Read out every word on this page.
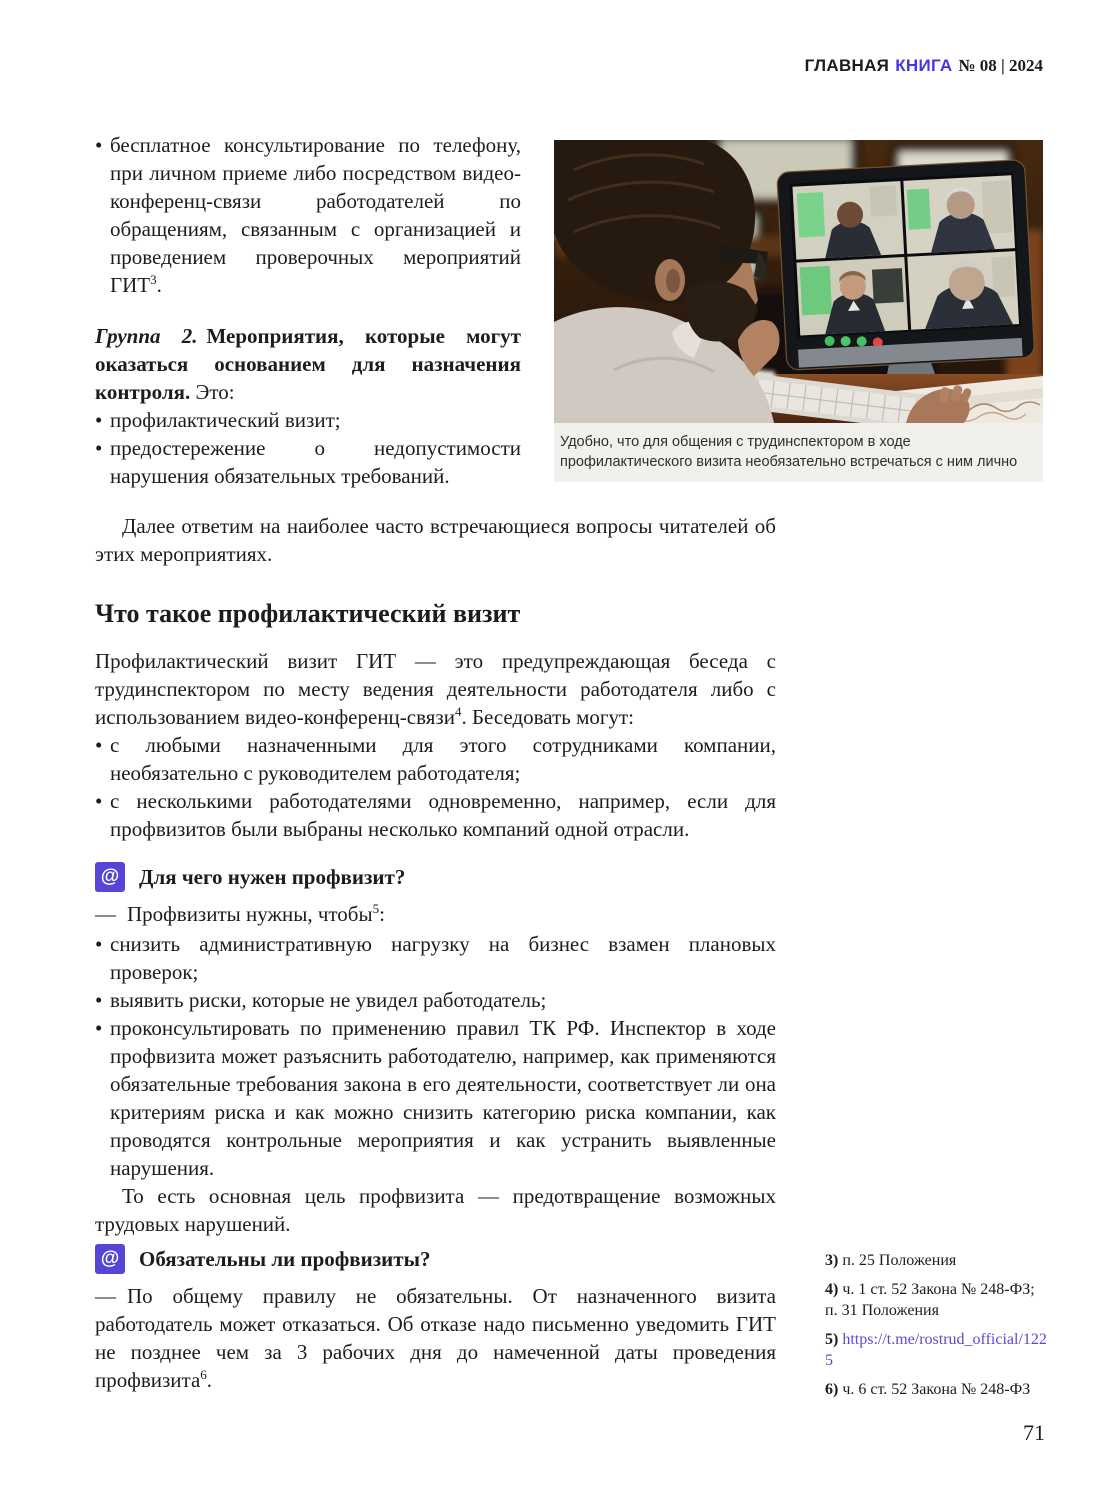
ГЛАВНАЯ КНИГА № 08 | 2024
• бесплатное консультирование по телефону, при личном приеме либо посредством видео-конференц-связи работодателей по обращениям, связанным с организацией и проведением проверочных мероприятий ГИТ$^3$.

Группа 2. Мероприятия, которые могут оказаться основанием для назначения контроля. Это:

• профилактический визит;
• предостережение о недопустимости нарушения обязательных требований.
Удобно, что для общения с трудинспектором в ходе профилактического визита необязательно встречаться с ним лично
Далее ответим на наиболее часто встречающиеся вопросы читателей об этих мероприятиях.
Что такое профилактический визит

Профилактический визит ГИТ — это предупреждающая беседа с трудинспектором по месту ведения деятельности работодателя либо с использованием видео-конференц-связи$^4$. Беседовать могут:

• с любыми назначенными для этого сотрудниками компании, необязательно с руководителем работодателя;
• с несколькими работодателями одновременно, например, если для профвизитов были выбраны несколько компаний одной отрасли.
@ Для чего нужен профвизит?

— Профвизиты нужны, чтобы$^5$:

• снизить административную нагрузку на бизнес взамен плановых проверок;
• выявить риски, которые не увидел работодатель;
• проконсультировать по применению правил ТК РФ. Инспектор в ходе профвизита может разъяснить работодателю, например, как применяются обязательные требования закона в его деятельности, соответствует ли она критериям риска и как можно снизить категорию риска компании, как проводятся контрольные мероприятия и как устранить выявленные нарушения.

То есть основная цель профвизита — предотвращение возможных трудовых нарушений.

@ Обязательны ли профвизиты?

— По общему правилу не обязательны. От назначенного визита работодатель может отказаться. Об отказе надо письменно уведомить ГИТ не позднее чем за 3 рабочих дня до намеченной даты проведения профвизита$^6$.

3) п. 25 Положения
4) ч. 1 ст. 52 Закона № 248-ФЗ; п. 31 Положения
5) https://t.me/rostrud_official/1225
6) ч. 6 ст. 52 Закона № 248-ФЗ
71
